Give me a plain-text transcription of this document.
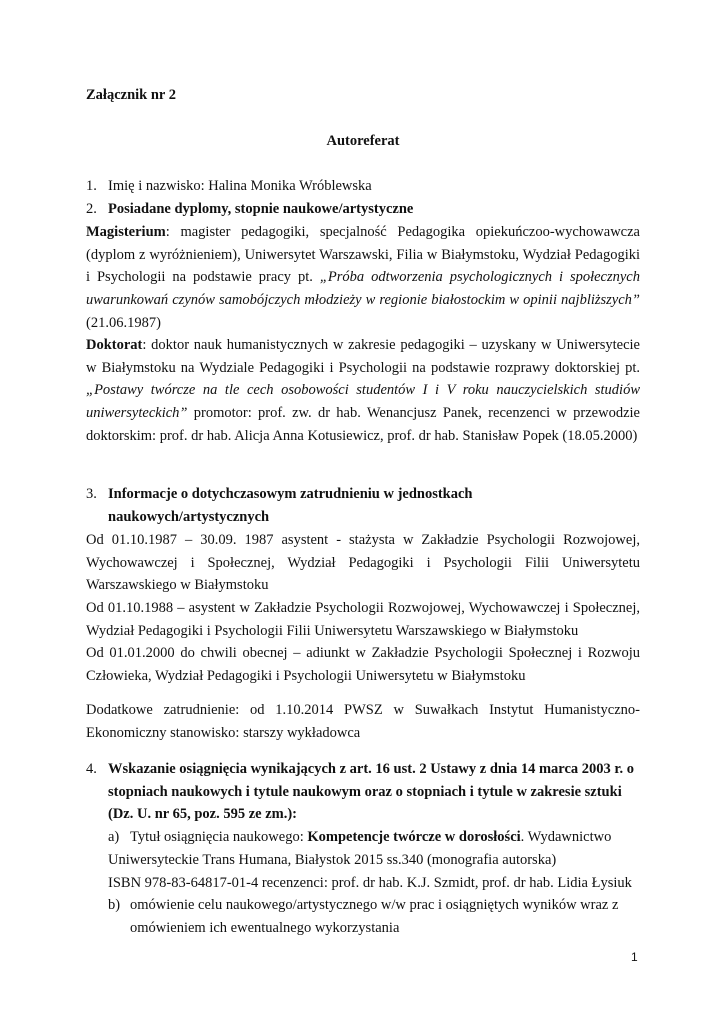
Załącznik nr 2

Autoreferat

1. Imię i nazwisko: Halina Monika Wróblewska

2. Posiadane dyplomy, stopnie naukowe/artystyczne

Magisterium: magister pedagogiki, specjalność Pedagogika opiekuńczoo-wychowawcza (dyplom z wyróżnieniem), Uniwersytet Warszawski, Filia w Białymstoku, Wydział Pedagogiki i Psychologii na podstawie pracy pt. „Próba odtworzenia psychologicznych i społecznych uwarunkowań czynów samobójczych młodzieży w regionie białostockim w opinii najbliższych” (21.06.1987)

Doktorat: doktor nauk humanistycznych w zakresie pedagogiki – uzyskany w Uniwersytecie w Białymstoku na Wydziale Pedagogiki i Psychologii na podstawie rozprawy doktorskiej pt. „Postawy twórcze na tle cech osobowości studentów I i V roku nauczycielskich studiów uniwersyteckich” promotor: prof. zw. dr hab. Wenancjusz Panek, recenzenci w przewodzie doktorskim: prof. dr hab. Alicja Anna Kotusiewicz, prof. dr hab. Stanisław Popek (18.05.2000)

3. Informacje o dotychczasowym zatrudnieniu w jednostkach
naukowych/artystycznych

Od 01.10.1987 – 30.09. 1987 asystent - stażysta w Zakładzie Psychologii Rozwojowej, Wychowawczej i Społecznej, Wydział Pedagogiki i Psychologii Filii Uniwersytetu Warszawskiego w Białymstoku

Od 01.10.1988 – asystent w Zakładzie Psychologii Rozwojowej, Wychowawczej i Społecznej, Wydział Pedagogiki i Psychologii Filii Uniwersytetu Warszawskiego w Białymstoku

Od 01.01.2000 do chwili obecnej – adiunkt w Zakładzie Psychologii Społecznej i Rozwoju Człowieka, Wydział Pedagogiki i Psychologii Uniwersytetu w Białymstoku

Dodatkowe zatrudnienie: od 1.10.2014 PWSZ w Suwałkach Instytut Humanistyczno-Ekonomiczny stanowisko: starszy wykładowca

4. Wskazanie osiągnięcia wynikających z art. 16 ust. 2 Ustawy z dnia 14 marca 2003 r. o stopniach naukowych i tytule naukowym oraz o stopniach i tytule w zakresie sztuki (Dz. U. nr 65, poz. 595 ze zm.):

a) Tytuł osiągnięcia naukowego: Kompetencje twórcze w dorosłości. Wydawnictwo

Uniwersyteckie Trans Humana, Białystok 2015 ss.340 (monografia autorska)

ISBN 978-83-64817-01-4 recenzenci: prof. dr hab. K.J. Szmidt, prof. dr hab. Lidia Łysiuk

b) omówienie celu naukowego/artystycznego w/w prac i osiągniętych wyników wraz z

omówieniem ich ewentualnego wykorzystania

1
